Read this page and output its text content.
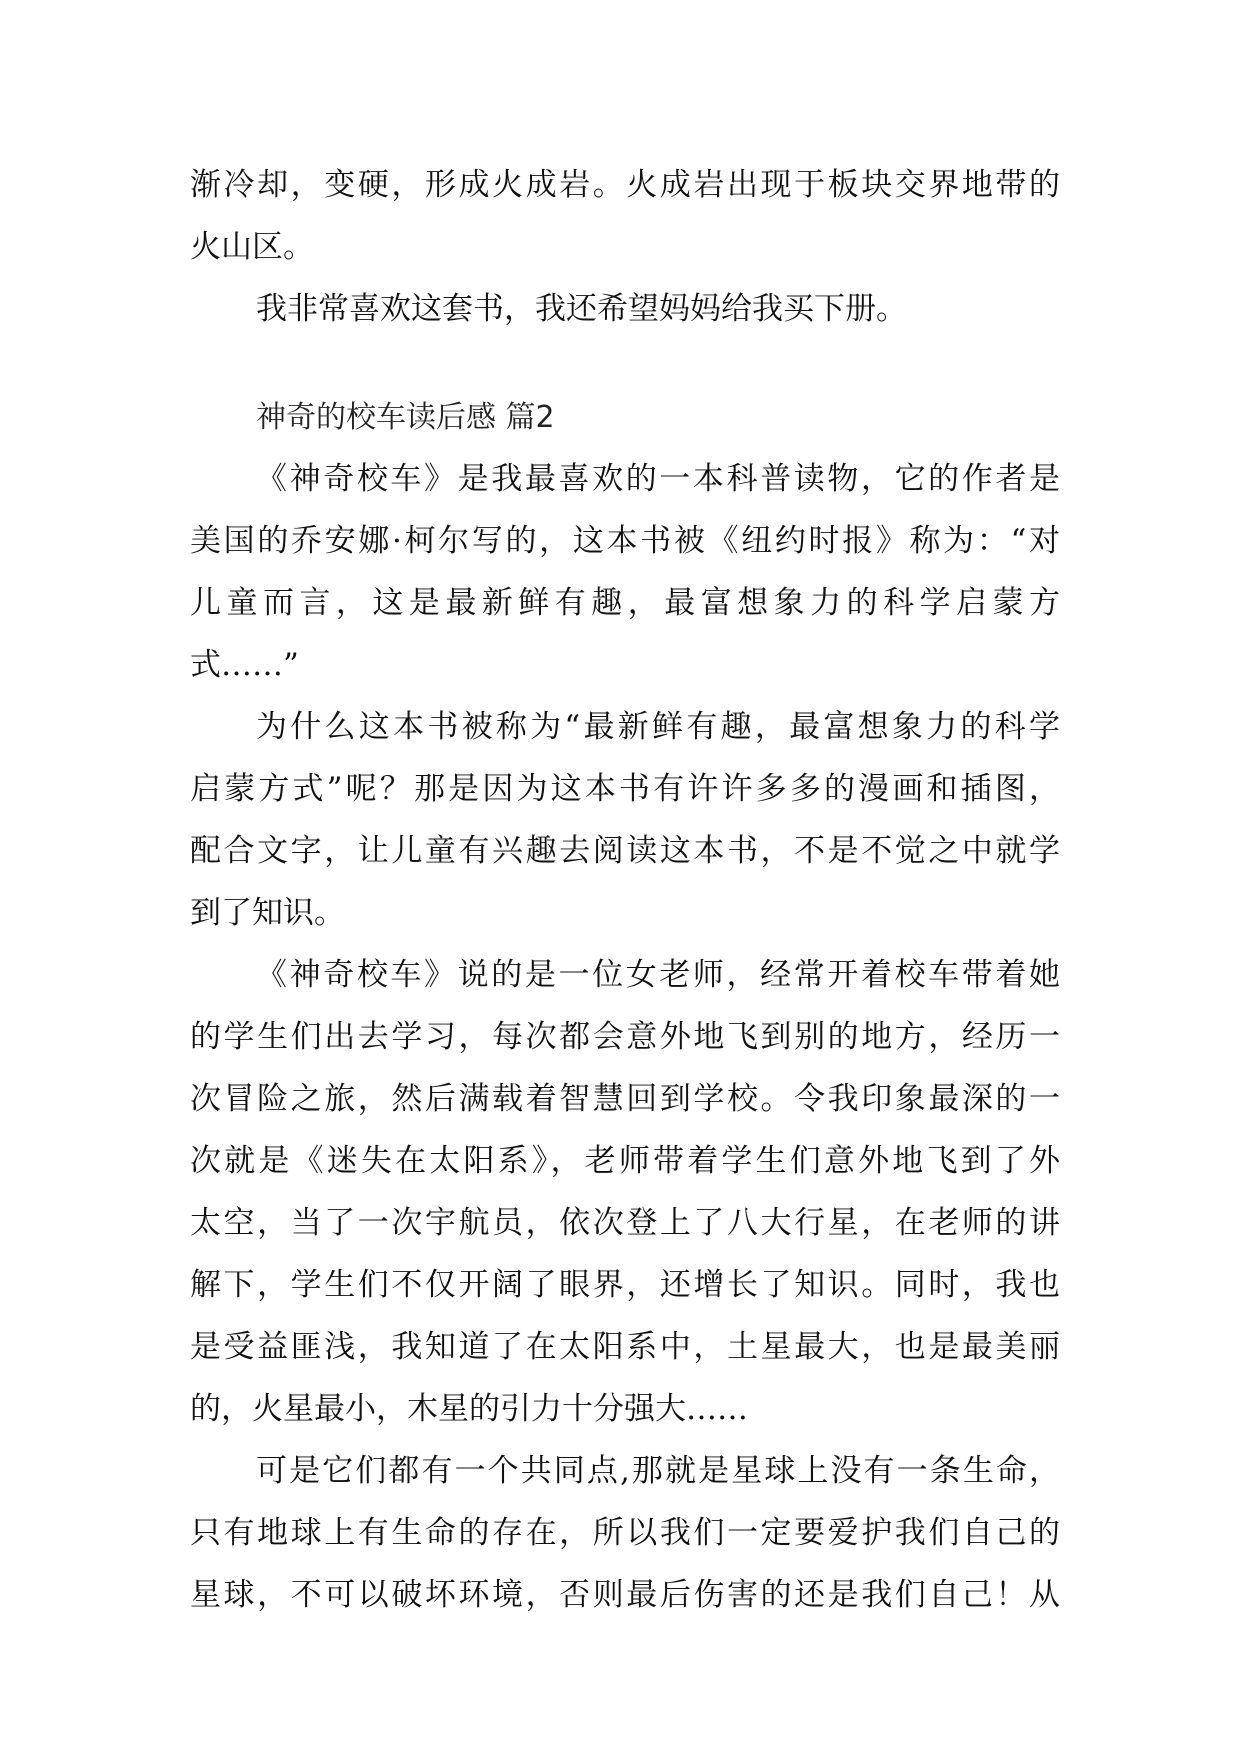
渐冷却，变硬，形成火成岩。火成岩出现于板块交界地带的

火山区。

我非常喜欢这套书，我还希望妈妈给我买下册。

神奇的校车读后感 篇2

《神奇校车》是我最喜欢的一本科普读物，它的作者是

美国的乔安娜·柯尔写的，这本书被《纽约时报》称为：“对

儿童而言，这是最新鲜有趣，最富想象力的科学启蒙方

式……”

为什么这本书被称为“最新鲜有趣，最富想象力的科学

启蒙方式”呢？那是因为这本书有许许多多的漫画和插图，

配合文字，让儿童有兴趣去阅读这本书，不是不觉之中就学

到了知识。

《神奇校车》说的是一位女老师，经常开着校车带着她

的学生们出去学习，每次都会意外地飞到别的地方，经历一

次冒险之旅，然后满载着智慧回到学校。令我印象最深的一

次就是《迷失在太阳系》，老师带着学生们意外地飞到了外

太空，当了一次宇航员，依次登上了八大行星，在老师的讲

解下，学生们不仅开阔了眼界，还增长了知识。同时，我也

是受益匪浅，我知道了在太阳系中，土星最大，也是最美丽

的，火星最小，木星的引力十分强大……

可是它们都有一个共同点,那就是星球上没有一条生命，

只有地球上有生命的存在，所以我们一定要爱护我们自己的

星球，不可以破坏环境，否则最后伤害的还是我们自己！从
